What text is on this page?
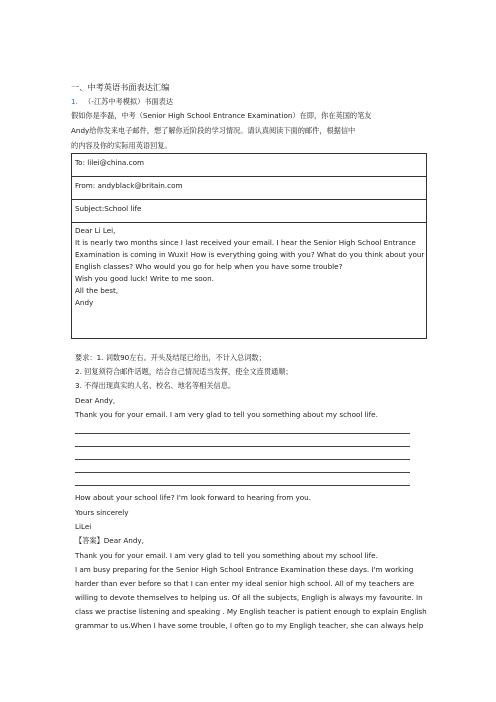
一、中考英语书面表达汇编
1. （-江苏中考模拟）书面表达
假如你是李磊，中考（Senior High School Entrance Examination）在即，你在英国的笔友
Andy给你发来电子邮件，想了解你近阶段的学习情况。请认真阅读下面的邮件，根据信中
的内容及你的实际用英语回复。
To: lilei@china.com
From: andyblack@britain.com
Subject:School life
Dear Li Lei,
It is nearly two months since I last received your email. I hear the Senior High School Entrance
Examination is coming in Wuxi! How is everything going with you? What do you think about your
English classes? Who would you go for help when you have some trouble?
Wish you good luck! Write to me soon.
All the best,
Andy
要求：1. 词数90左右。开头及结尾已给出，不计入总词数；
2. 回复须符合邮件话题，结合自己情况适当发挥，使全文连贯通顺；
3. 不得出现真实的人名、校名、地名等相关信息。
Dear Andy,
Thank you for your email. I am very glad to tell you something about my school life.
How about your school life? I'm look forward to hearing from you.
Yours sincerely
LiLei
【答案】Dear Andy,
Thank you for your email. I am very glad to tell you something about my school life.
I am busy preparing for the Senior High School Entrance Examination these days. I'm working
harder than ever before so that I can enter my ideal senior high school. All of my teachers are
willing to devote themselves to helping us. Of all the subjects, Engligh is always my favourite. In
class we practise listening and speaking . My English teacher is patient enough to explain English
grammar to us.When I have some trouble, I often go to my Engligh teacher, she can always help
